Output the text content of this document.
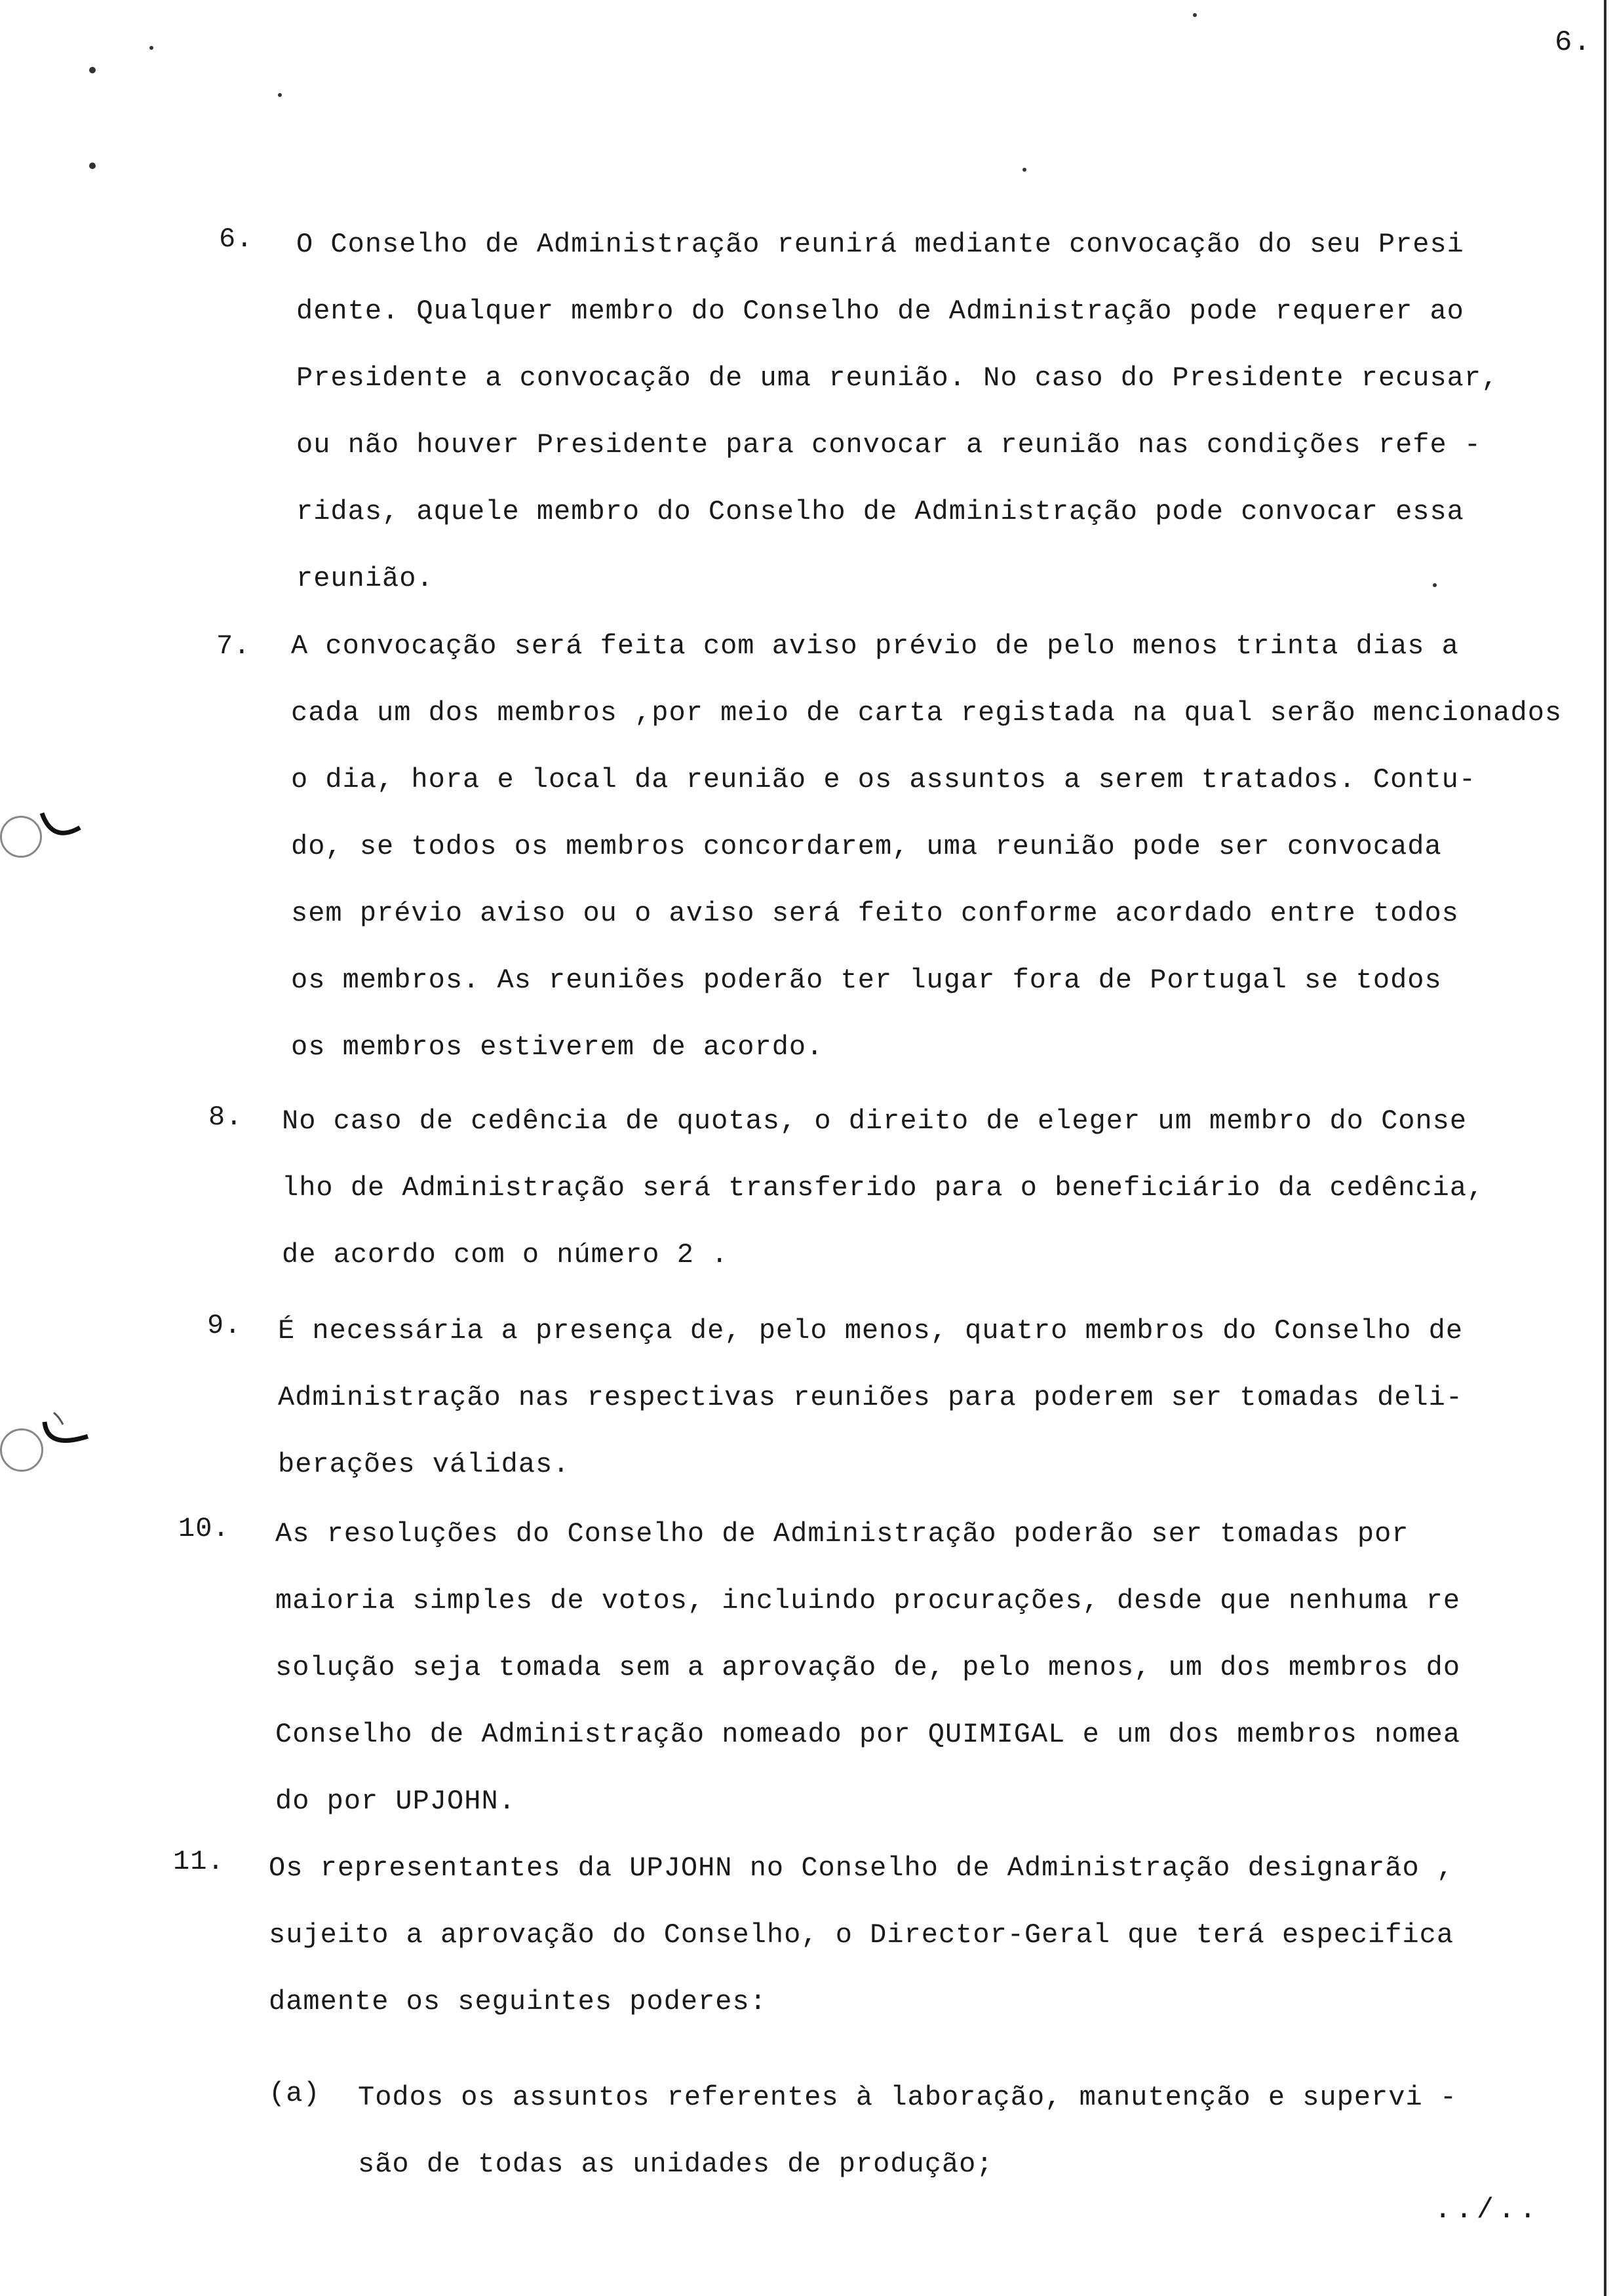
6.
6. O Conselho de Administração reunirá mediante convocação do seu Presi
dente. Qualquer membro do Conselho de Administração pode requerer ao
Presidente a convocação de uma reunião. No caso do Presidente recusar,
ou não houver Presidente para convocar a reunião nas condições refe -
ridas, aquele membro do Conselho de Administração pode convocar essa
reunião.
7. A convocação será feita com aviso prévio de pelo menos trinta dias a
cada um dos membros ,por meio de carta registada na qual serão mencionados
o dia, hora e local da reunião e os assuntos a serem tratados. Contu-
do, se todos os membros concordarem, uma reunião pode ser convocada
sem prévio aviso ou o aviso será feito conforme acordado entre todos
os membros. As reuniões poderão ter lugar fora de Portugal se todos
os membros estiverem de acordo.
8. No caso de cedência de quotas, o direito de eleger um membro do Conse
lho de Administração será transferido para o beneficiário da cedência,
de acordo com o número 2 .
9. É necessária a presença de, pelo menos, quatro membros do Conselho de
Administração nas respectivas reuniões para poderem ser tomadas deli-
berações válidas.
10. As resoluções do Conselho de Administração poderão ser tomadas por
maioria simples de votos, incluindo procurações, desde que nenhuma re
solução seja tomada sem a aprovação de, pelo menos, um dos membros do
Conselho de Administração nomeado por QUIMIGAL e um dos membros nomea
do por UPJOHN.
11. Os representantes da UPJOHN no Conselho de Administração designarão ,
sujeito a aprovação do Conselho, o Director-Geral que terá especifica
damente os seguintes poderes:
(a) Todos os assuntos referentes à laboração, manutenção e supervi -
são de todas as unidades de produção;
../..
